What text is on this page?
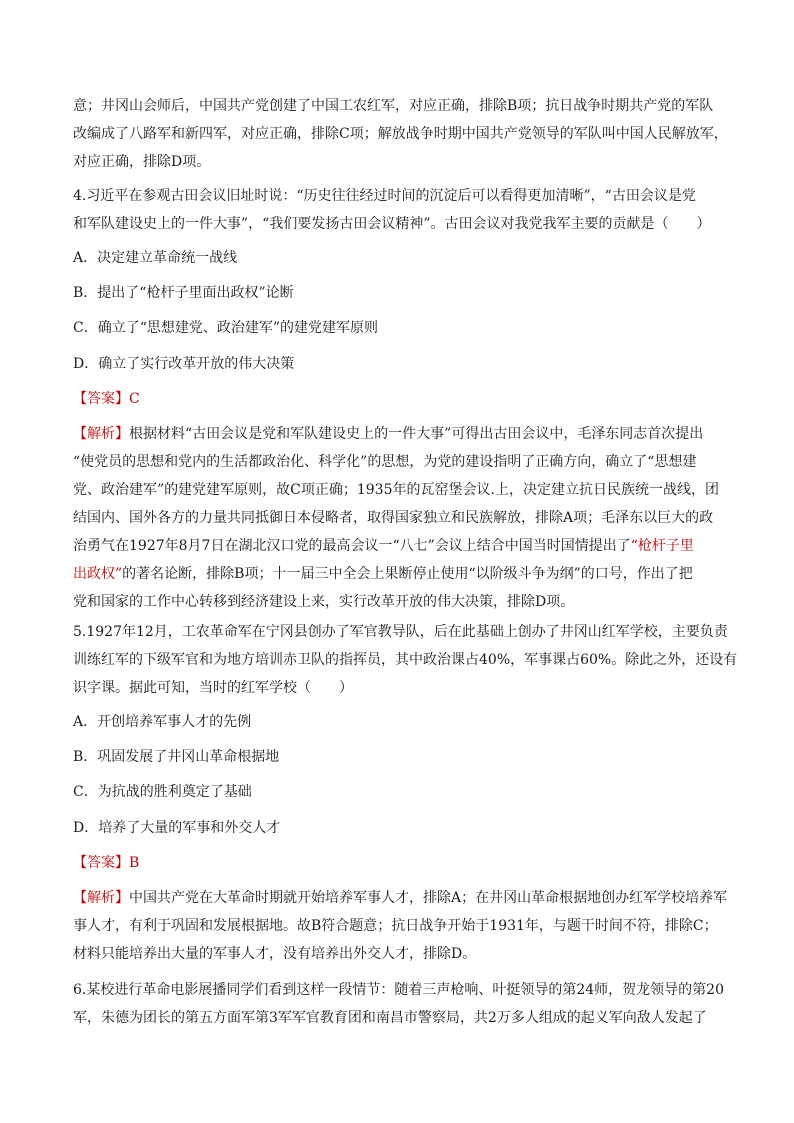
意；井冈山会师后，中国共产党创建了中国工农红军，对应正确，排除B项；抗日战争时期共产党的军队
改编成了八路军和新四军，对应正确，排除C项；解放战争时期中国共产党领导的军队叫中国人民解放军，
对应正确，排除D项。
4.习近平在参观古田会议旧址时说：“历史往往经过时间的沉淀后可以看得更加清晰”，“古田会议是党
和军队建设史上的一件大事”，“我们要发扬古田会议精神”。古田会议对我党我军主要的贡献是（　　）
A．决定建立革命统一战线
B．提出了“枪杆子里面出政权”论断
C．确立了“思想建党、政治建军”的建党建军原则
D．确立了实行改革开放的伟大决策
【答案】C
【解析】根据材料“古田会议是党和军队建设史上的一件大事”可得出古田会议中，毛泽东同志首次提出
“使党员的思想和党内的生活都政治化、科学化”的思想，为党的建设指明了正确方向，确立了“思想建
党、政治建军”的建党建军原则，故C项正确；1935年的瓦窑堡会议.上，决定建立抗日民族统一战线，团
结国内、国外各方的力量共同抵御日本侵略者，取得国家独立和民族解放，排除A项；毛泽东以巨大的政
治勇气在1927年8月7日在湖北汉口党的最高会议一“八七”会议上结合中国当时国情提出了“枪杆子里
出政权”的著名论断，排除B项；十一届三中全会上果断停止使用“以阶级斗争为纲”的口号，作出了把
党和国家的工作中心转移到经济建设上来，实行改革开放的伟大决策，排除D项。
5.1927年12月，工农革命军在宁冈县创办了军官教导队，后在此基础上创办了井冈山红军学校，主要负责
训练红军的下级军官和为地方培训赤卫队的指挥员，其中政治课占40%，军事课占60%。除此之外，还设有
识字课。据此可知，当时的红军学校（　　）
A．开创培养军事人才的先例
B．巩固发展了井冈山革命根据地
C．为抗战的胜利奠定了基础
D．培养了大量的军事和外交人才
【答案】B
【解析】中国共产党在大革命时期就开始培养军事人才，排除A；在井冈山革命根据地创办红军学校培养军
事人才，有利于巩固和发展根据地。故B符合题意；抗日战争开始于1931年，与题干时间不符，排除C；
材料只能培养出大量的军事人才，没有培养出外交人才，排除D。
6.某校进行革命电影展播同学们看到这样一段情节：随着三声枪响、叶挺领导的第24师，贺龙领导的第20
军，朱德为团长的第五方面军第3军军官教育团和南昌市警察局，共2万多人组成的起义军向敌人发起了
